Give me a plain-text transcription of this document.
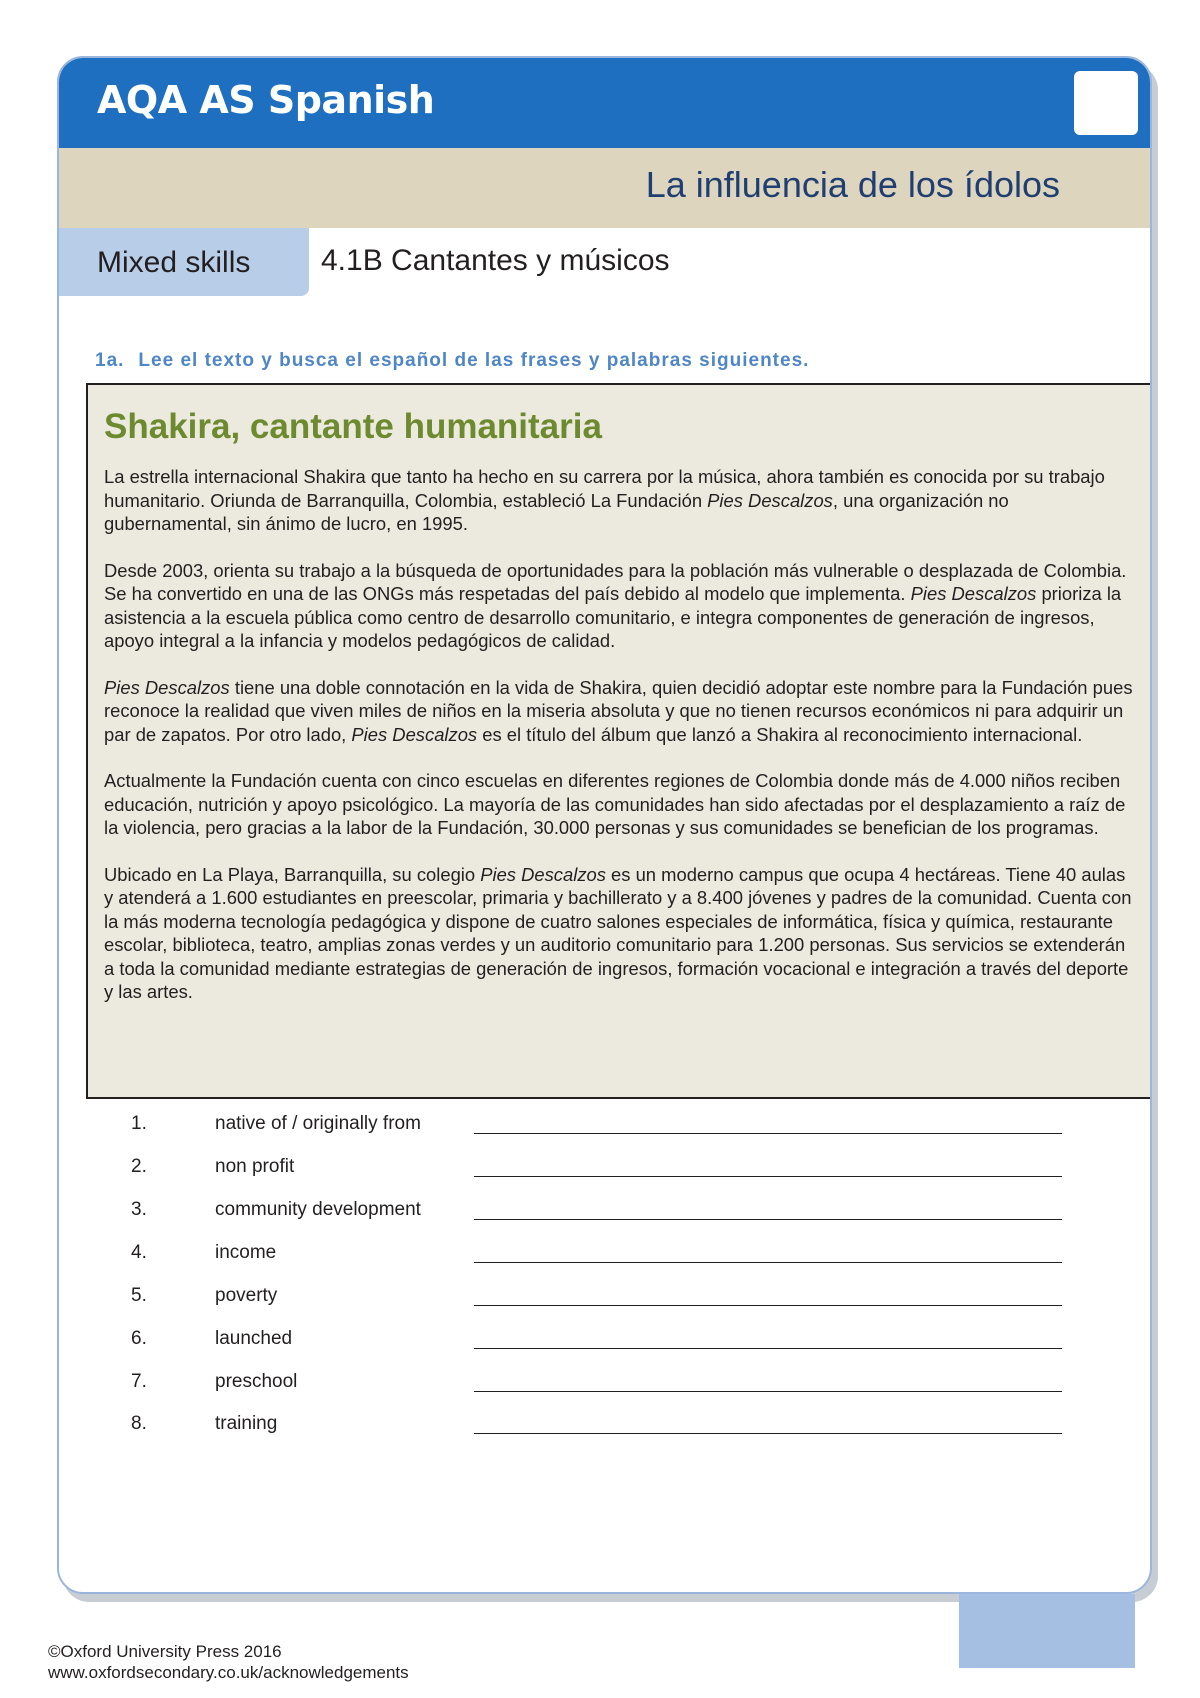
AQA AS Spanish
La influencia de los ídolos
Mixed skills 4.1B Cantantes y músicos
1a. Lee el texto y busca el español de las frases y palabras siguientes.
Shakira, cantante humanitaria

La estrella internacional Shakira que tanto ha hecho en su carrera por la música, ahora también es conocida por su trabajo humanitario. Oriunda de Barranquilla, Colombia, estableció La Fundación Pies Descalzos, una organización no gubernamental, sin ánimo de lucro, en 1995.

Desde 2003, orienta su trabajo a la búsqueda de oportunidades para la población más vulnerable o desplazada de Colombia. Se ha convertido en una de las ONGs más respetadas del país debido al modelo que implementa. Pies Descalzos prioriza la asistencia a la escuela pública como centro de desarrollo comunitario, e integra componentes de generación de ingresos, apoyo integral a la infancia y modelos pedagógicos de calidad.

Pies Descalzos tiene una doble connotación en la vida de Shakira, quien decidió adoptar este nombre para la Fundación pues reconoce la realidad que viven miles de niños en la miseria absoluta y que no tienen recursos económicos ni para adquirir un par de zapatos. Por otro lado, Pies Descalzos es el título del álbum que lanzó a Shakira al reconocimiento internacional.

Actualmente la Fundación cuenta con cinco escuelas en diferentes regiones de Colombia donde más de 4.000 niños reciben educación, nutrición y apoyo psicológico. La mayoría de las comunidades han sido afectadas por el desplazamiento a raíz de la violencia, pero gracias a la labor de la Fundación, 30.000 personas y sus comunidades se benefician de los programas.

Ubicado en La Playa, Barranquilla, su colegio Pies Descalzos es un moderno campus que ocupa 4 hectáreas. Tiene 40 aulas y atenderá a 1.600 estudiantes en preescolar, primaria y bachillerato y a 8.400 jóvenes y padres de la comunidad. Cuenta con la más moderna tecnología pedagógica y dispone de cuatro salones especiales de informática, física y química, restaurante escolar, biblioteca, teatro, amplias zonas verdes y un auditorio comunitario para 1.200 personas. Sus servicios se extenderán a toda la comunidad mediante estrategias de generación de ingresos, formación vocacional e integración a través del deporte y las artes.

1.	native of / originally from
2.	non profit
3.	community development
4.	income
5.	poverty
6.	launched
7.	preschool
8.	training
©Oxford University Press 2016
www.oxfordsecondary.co.uk/acknowledgements
